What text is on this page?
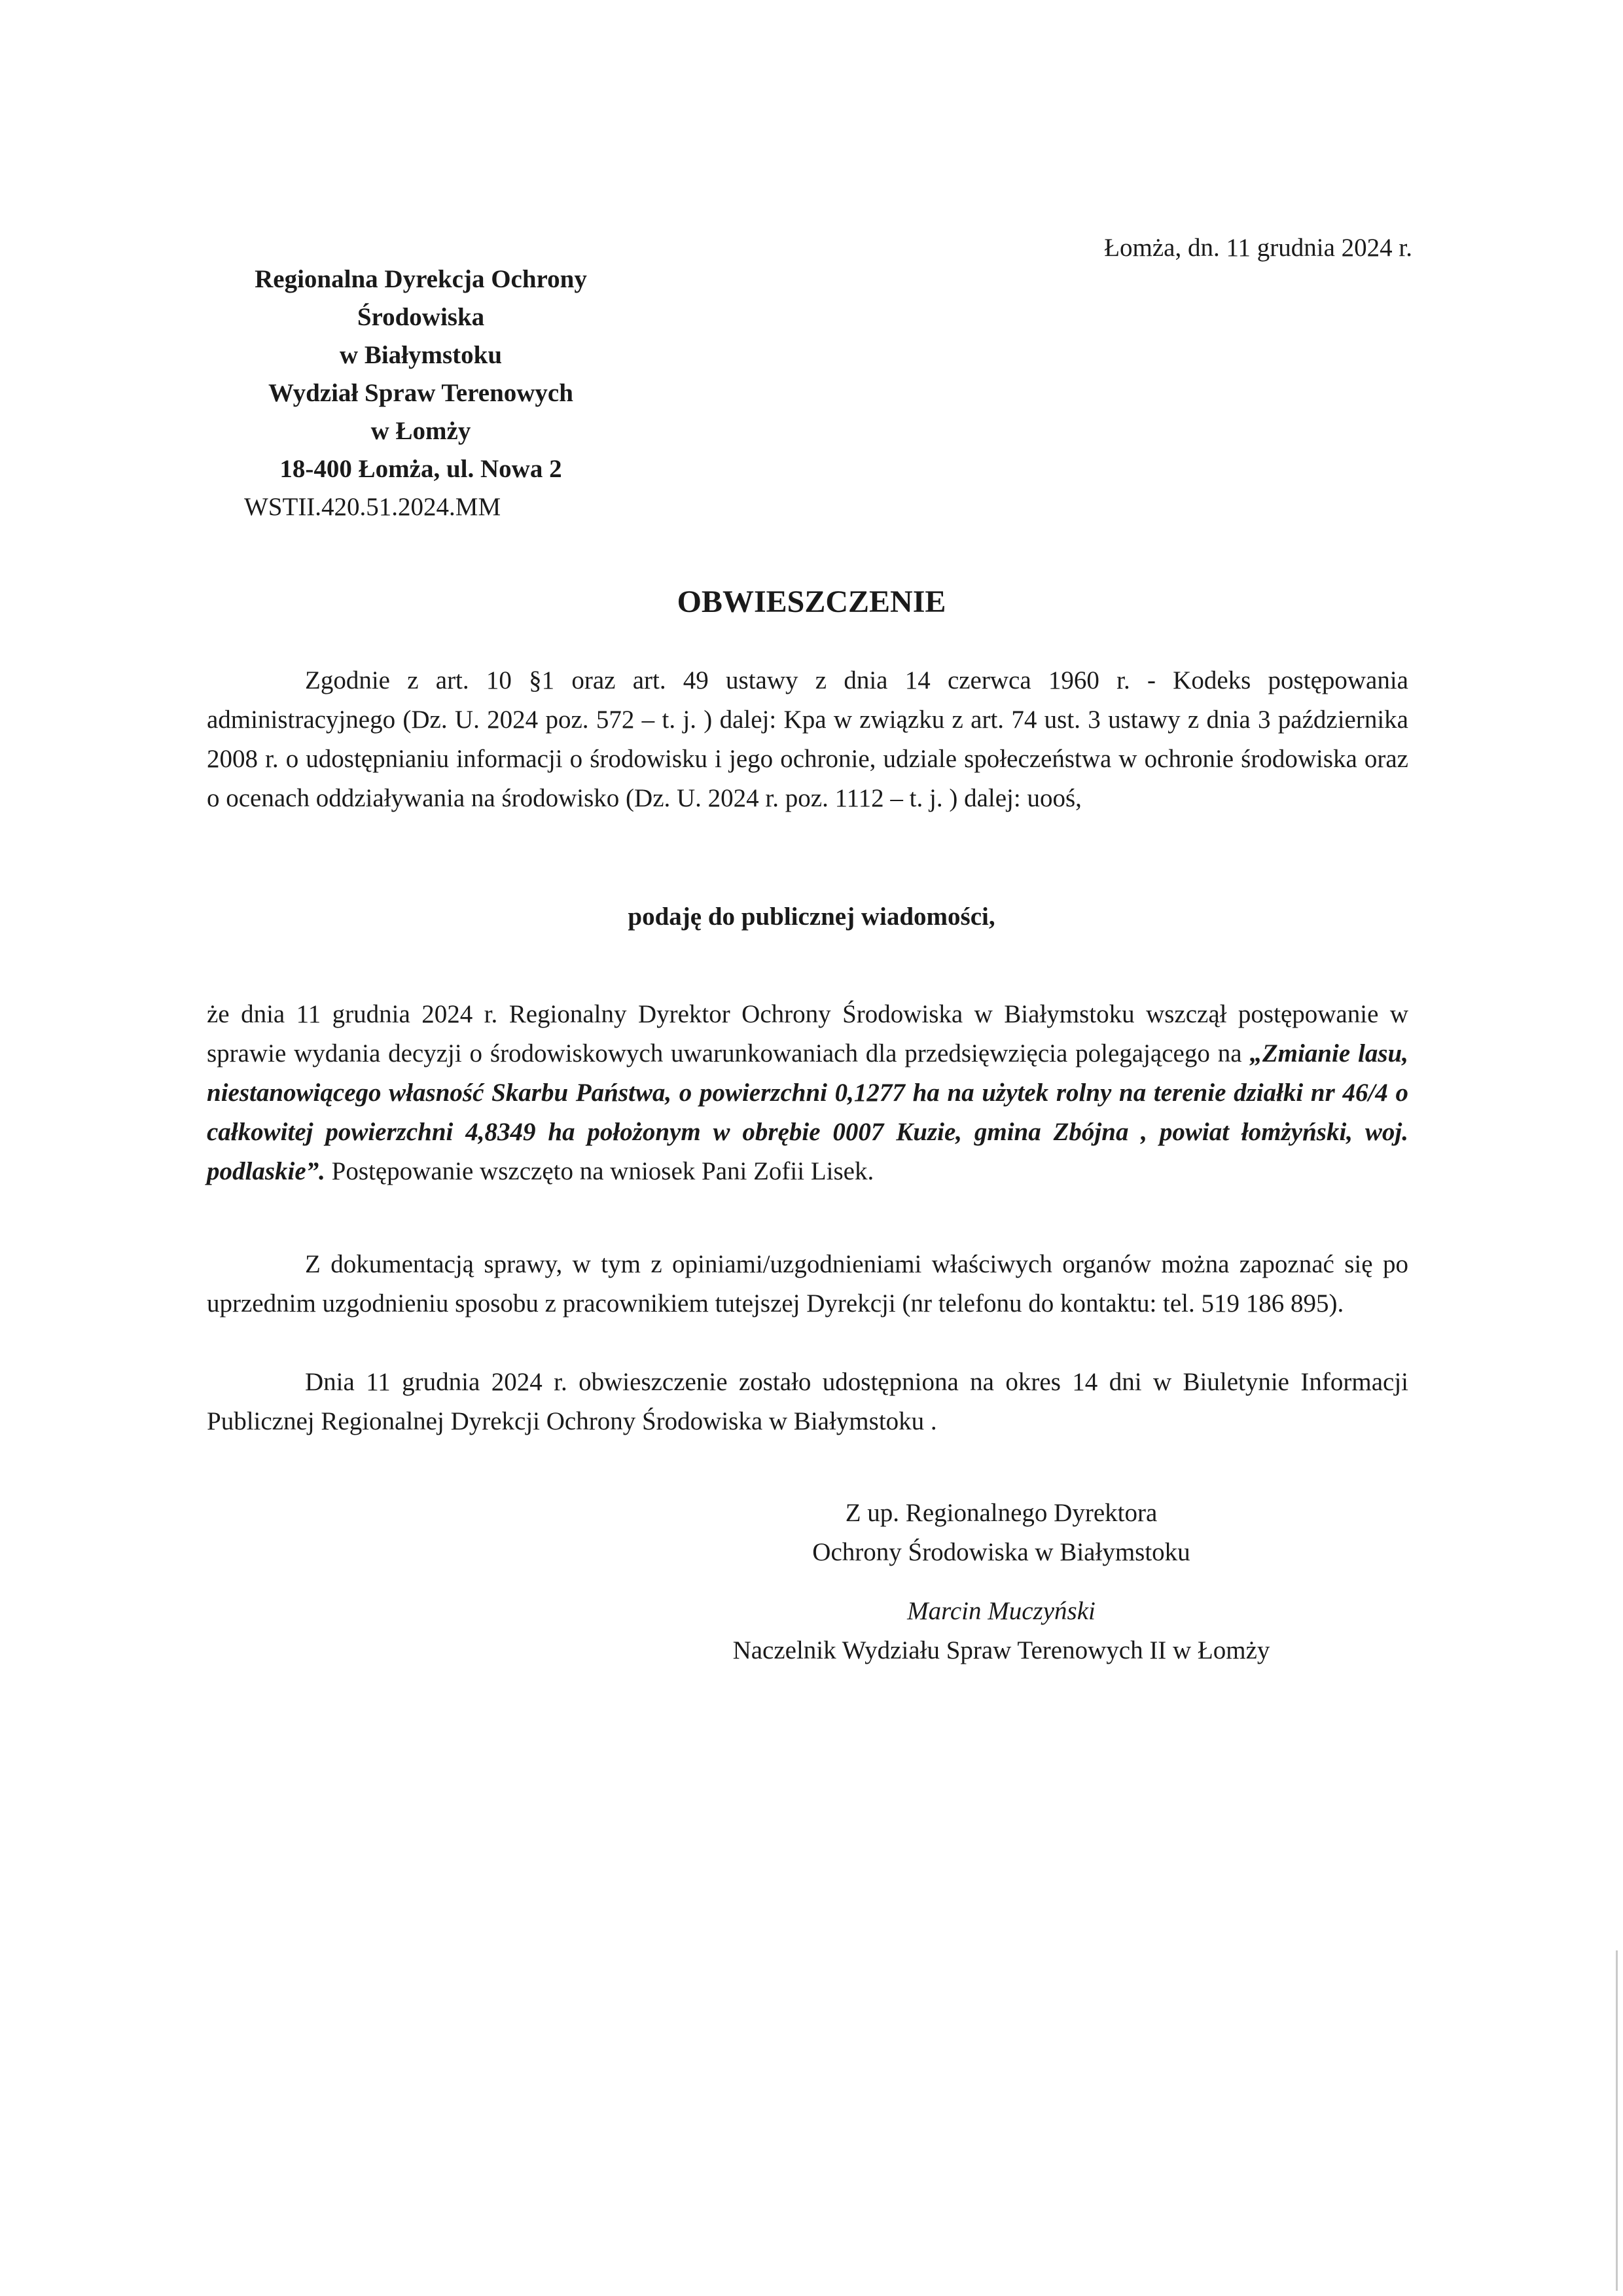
Łomża, dn. 11 grudnia 2024 r.
Regionalna Dyrekcja Ochrony Środowiska
w Białymstoku
Wydział Spraw Terenowych
w Łomży
18-400 Łomża, ul. Nowa 2
WSTII.420.51.2024.MM
OBWIESZCZENIE
Zgodnie z art. 10 §1 oraz art. 49 ustawy z dnia 14 czerwca 1960 r. - Kodeks postępowania administracyjnego (Dz. U. 2024 poz. 572 – t. j. ) dalej: Kpa w związku z art. 74 ust. 3 ustawy z dnia 3 października 2008 r. o udostępnianiu informacji o środowisku i jego ochronie, udziale społeczeństwa w ochronie środowiska oraz o ocenach oddziaływania na środowisko (Dz. U. 2024 r. poz. 1112 – t. j. ) dalej: uooś,
podaję do publicznej wiadomości,
że dnia 11 grudnia 2024 r. Regionalny Dyrektor Ochrony Środowiska w Białymstoku wszczął postępowanie w sprawie wydania decyzji o środowiskowych uwarunkowaniach dla przedsięwzięcia polegającego na „Zmianie lasu, niestanowiącego własność Skarbu Państwa, o powierzchni 0,1277 ha na użytek rolny na terenie działki nr 46/4 o całkowitej powierzchni 4,8349 ha położonym w obrębie 0007 Kuzie, gmina Zbójna , powiat łomżyński, woj. podlaskie”. Postępowanie wszczęto na wniosek Pani Zofii Lisek.
Z dokumentacją sprawy, w tym z opiniami/uzgodnieniami właściwych organów można zapoznać się po uprzednim uzgodnieniu sposobu z pracownikiem tutejszej Dyrekcji (nr telefonu do kontaktu: tel. 519 186 895).
Dnia 11 grudnia 2024 r. obwieszczenie zostało udostępniona na okres 14 dni w Biuletynie Informacji Publicznej Regionalnej Dyrekcji Ochrony Środowiska w Białymstoku .
Z up. Regionalnego Dyrektora
Ochrony Środowiska w Białymstoku
Marcin Muczyński
Naczelnik Wydziału Spraw Terenowych II w Łomży
